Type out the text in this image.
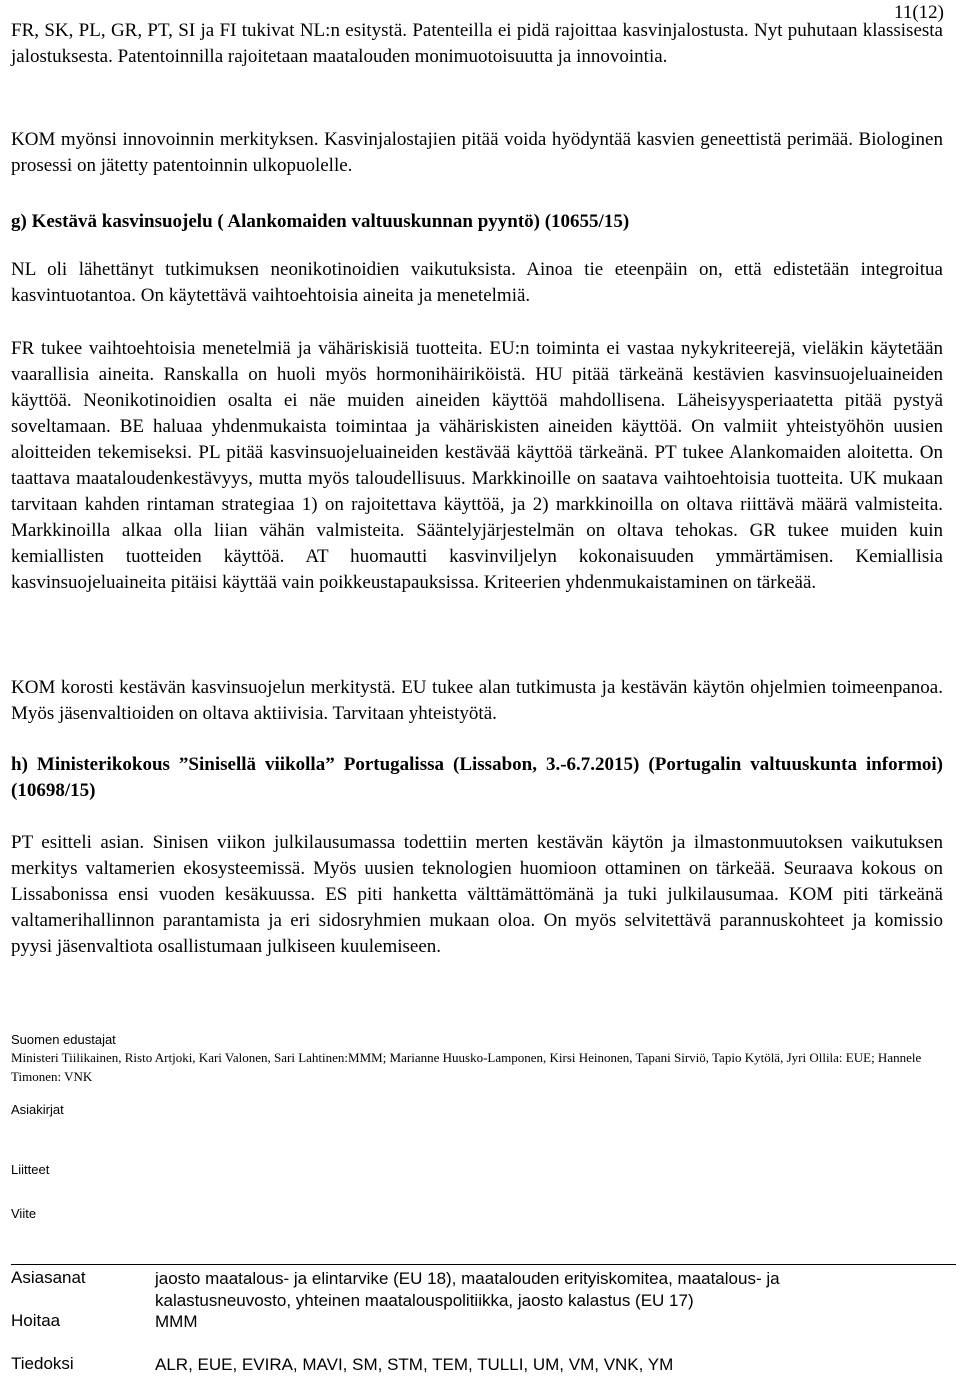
11(12)

FR, SK, PL, GR, PT, SI ja FI tukivat NL:n esitystä. Patenteilla ei pidä rajoittaa kasvinjalostusta. Nyt puhutaan klassisesta jalostuksesta. Patentoinnilla rajoitetaan maatalouden monimuotoisuutta ja innovointia.

KOM myönsi innovoinnin merkityksen. Kasvinjalostajien pitää voida hyödyntää kasvien geneettistä perimää. Biologinen prosessi on jätetty patentoinnin ulkopuolelle.

g) Kestävä kasvinsuojelu ( Alankomaiden valtuuskunnan pyyntö) (10655/15)

NL oli lähettänyt tutkimuksen neonikotinoidien vaikutuksista. Ainoa tie eteenpäin on, että edistetään integroitua kasvintuotantoa. On käytettävä vaihtoehtoisia aineita ja menetelmiä.

FR tukee vaihtoehtoisia menetelmiä ja vähäriskisiä tuotteita. EU:n toiminta ei vastaa nykykriteerejä, vieläkin käytetään vaarallisia aineita. Ranskalla on huoli myös hormonihäiriköistä. HU pitää tärkeänä kestävien kasvinsuojeluaineiden käyttöä. Neonikotinoidien osalta ei näe muiden aineiden käyttöä mahdollisena. Läheisyysperiaatetta pitää pystyä soveltamaan. BE haluaa yhdenmukaista toimintaa ja vähäriskisten aineiden käyttöä. On valmiit yhteistyöhön uusien aloitteiden tekemiseksi. PL pitää kasvinsuojeluaineiden kestävää käyttöä tärkeänä. PT tukee Alankomaiden aloitetta. On taattava maataloudenkestävyys, mutta myös taloudellisuus. Markkinoille on saatava vaihtoehtoisia tuotteita. UK mukaan tarvitaan kahden rintaman strategiaa 1) on rajoitettava käyttöä, ja 2) markkinoilla on oltava riittävä määrä valmisteita. Markkinoilla alkaa olla liian vähän valmisteita. Sääntelyjärjestelmän on oltava tehokas. GR tukee muiden kuin kemiallisten tuotteiden käyttöä. AT huomautti kasvinviljelyn kokonaisuuden ymmärtämisen. Kemiallisia kasvinsuojeluaineita pitäisi käyttää vain poikkeustapauksissa. Kriteerien yhdenmukaistaminen on tärkeää.

KOM korosti kestävän kasvinsuojelun merkitystä. EU tukee alan tutkimusta ja kestävän käytön ohjelmien toimeenpanoa. Myös jäsenvaltioiden on oltava aktiivisia. Tarvitaan yhteistyötä.

h) Ministerikokous ”Sinisellä viikolla” Portugalissa (Lissabon, 3.-6.7.2015) (Portugalin valtuuskunta informoi) (10698/15)

PT esitteli asian. Sinisen viikon julkilausumassa todettiin merten kestävän käytön ja ilmastonmuutoksen vaikutuksen merkitys valtamerien ekosysteemissä. Myös uusien teknologien huomioon ottaminen on tärkeää. Seuraava kokous on Lissabonissa ensi vuoden kesäkuussa. ES piti hanketta välttämättömänä ja tuki julkilausumaa. KOM piti tärkeänä valtamerihallinnon parantamista ja eri sidosryhmien mukaan oloa. On myös selvitettävä parannuskohteet ja komissio pyysi jäsenvaltiota osallistumaan julkiseen kuulemiseen.

Suomen edustajat
Ministeri Tiilikainen, Risto Artjoki, Kari Valonen, Sari Lahtinen:MMM; Marianne Huusko-Lamponen, Kirsi Heinonen, Tapani Sirviö, Tapio Kytölä, Jyri Ollila: EUE; Hannele Timonen: VNK
Asiakirjat
Liitteet
Viite
Asiasanat	jaosto maatalous- ja elintarvike (EU 18), maatalouden erityiskomitea, maatalous- ja kalastusneuvosto, yhteinen maatalouspolitiikka, jaosto kalastus (EU 17)
Hoitaa	MMM
Tiedoksi	ALR, EUE, EVIRA, MAVI, SM, STM, TEM, TULLI, UM, VM, VNK, YM
